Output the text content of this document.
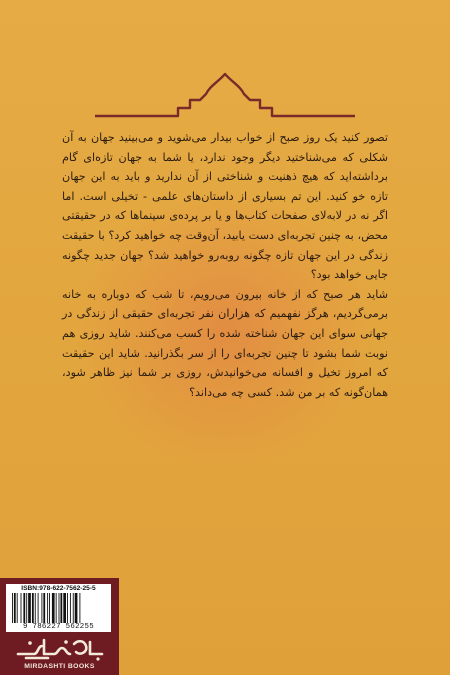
تصور کنید یک روز صبح از خواب بیدار می‌شوید و می‌بینید جهان به آن شکلی که می‌شناختید دیگر وجود ندارد، یا شما به جهان تازه‌ای گام برداشته‌اید که هیچ ذهنیت و شناختی از آن ندارید و باید به این جهان تازه خو کنید. این تم بسیاری از داستان‌های علمی - تخیلی است. اما اگر نه در لابه‌لای صفحات کتاب‌ها و یا بر پرده‌ی سینماها که در حقیقتی محض، به چنین تجربه‌ای دست یابید، آن‌وقت چه خواهید کرد؟ با حقیقت زندگی در این جهان تازه چگونه روبه‌رو خواهید شد؟ جهان جدید چگونه جایی خواهد بود؟

شاید هر صبح که از خانه بیرون می‌رویم، تا شب که دوباره به خانه برمی‌گردیم، هرگز نفهمیم که هزاران نفر تجربه‌ای حقیقی از زندگی در جهانی سوای این جهان شناخته شده را کسب می‌کنند. شاید روزی هم نوبت شما بشود تا چنین تجربه‌ای را از سر بگذرانید. شاید این حقیقت که امروز تخیل و افسانه می‌خوانیدش، روزی بر شما نیز ظاهر شود، همان‌گونه که بر من شد. کسی چه می‌داند؟

ISBN:978-622-7562-25-5
9 786227 562255
MIRDASHTI BOOKS
